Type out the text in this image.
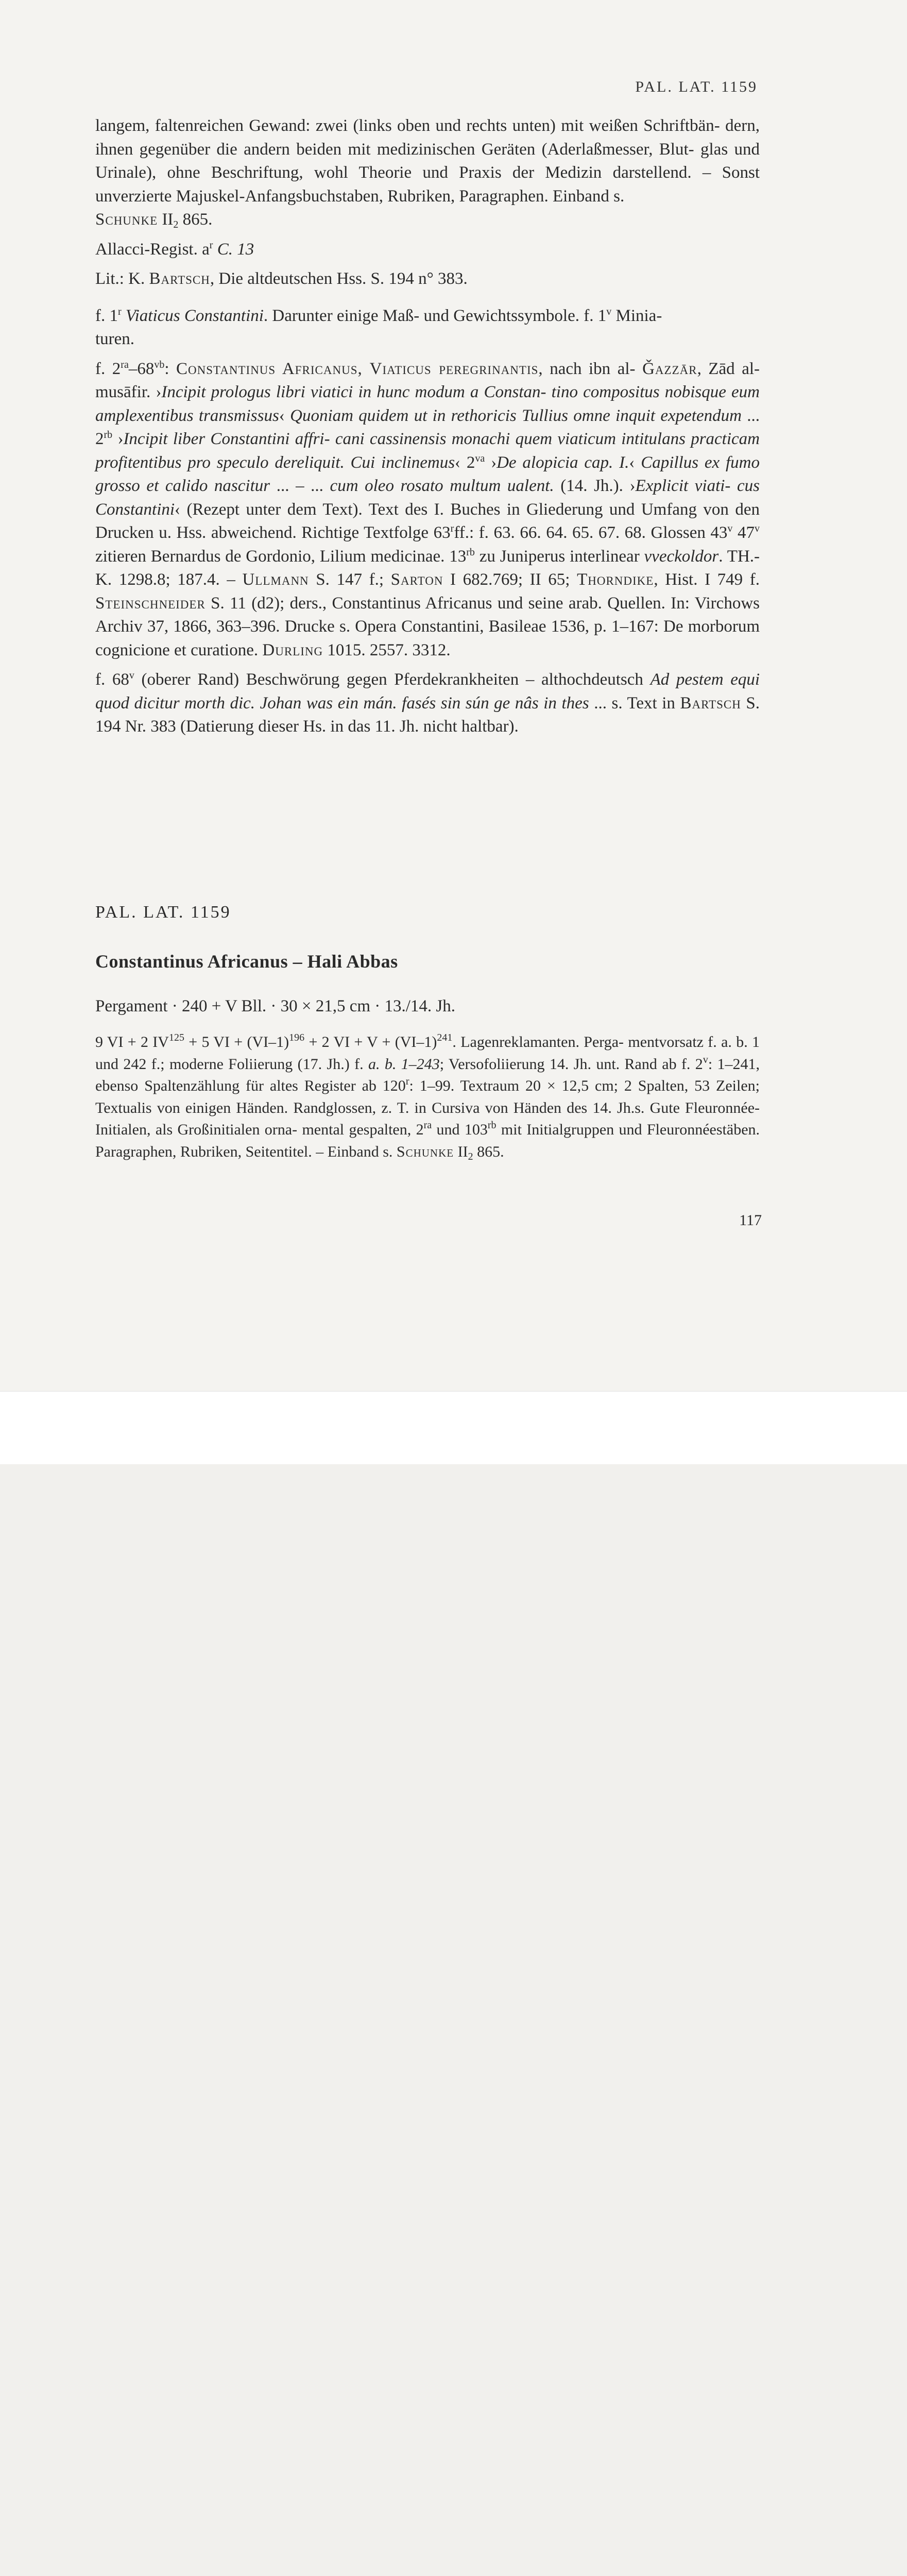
PAL. LAT. 1159

langem, faltenreichen Gewand: zwei (links oben und rechts unten) mit weißen Schriftbän- dern, ihnen gegenüber die andern beiden mit medizinischen Geräten (Aderlaßmesser, Blut- glas und Urinale), ohne Beschriftung, wohl Theorie und Praxis der Medizin darstellend. – Sonst unverzierte Majuskel-Anfangsbuchstaben, Rubriken, Paragraphen. Einband s.
Schunke $II_2$ 865.

Allacci-Regist. $a^r$ C. 13

Lit.: K. Bartsch, Die altdeutschen Hss. S. 194 n° 383.

f. 1$^r$ Viaticus Constantini. Darunter einige Maß- und Gewichtssymbole. f. 1$^v$ Minia-
turen.

f. $2^{ra}-68^{vb}$: Constantinus Africanus, Viaticus peregrinantis, nach ibn al- Ǧazzār, Zād al-musāfir. ›Incipit prologus libri viatici in hunc modum a Constan- tino compositus nobisque eum amplexentibus transmissus‹ Quoniam quidem ut in rethoricis Tullius omne inquit expetendum ... $2^{rb}$ ›Incipit liber Constantini affri- cani cassinensis monachi quem viaticum intitulans practicam profitentibus pro speculo dereliquit. Cui inclinemus‹ $2^{va}$ ›De alopicia cap. I.‹ Capillus ex fumo grosso et calido nascitur ... – ... cum oleo rosato multum ualent. (14. Jh.). ›Explicit viati- cus Constantini‹ (Rezept unter dem Text). Text des I. Buches in Gliederung und Umfang von den Drucken u. Hss. abweichend. Richtige Textfolge 63$^r$ff.: f. 63. 66. 64. 65. 67. 68. Glossen 43$^v$ 47$^v$ zitieren Bernardus de Gordonio, Lilium medicinae. $13^{rb}$ zu Juniperus interlinear vveckoldor. TH.-K. 1298.8; 187.4. – Ullmann S. 147 f.; Sarton I 682.769; II 65; Thorndike, Hist. I 749 f. Steinschneider S. 11 (d2); ders., Constantinus Africanus und seine arab. Quellen. In: Virchows Archiv 37, 1866, 363–396. Drucke s. Opera Constantini, Basileae 1536, p. 1–167: De morborum cognicione et curatione. Durling 1015. 2557. 3312.

f. 68$^v$ (oberer Rand) Beschwörung gegen Pferdekrankheiten – althochdeutsch Ad pestem equi quod dicitur morth dic. Johan was ein mán. fasés sin sún ge nâs in thes ... s. Text in Bartsch S. 194 Nr. 383 (Datierung dieser Hs. in das 11. Jh. nicht haltbar).

PAL. LAT. 1159
Constantinus Africanus – Hali Abbas
Pergament · 240 + V Bll. · 30 × 21,5 cm · 13./14. Jh.

9 VI + 2 $IV^{125} + 5$ VI + $(VI-1)^{196} + 2$ VI + $V + (VI-1)^{241}$. Lagenreklamanten. Perga- mentvorsatz f. a. b. 1 und 242 f.; moderne Foliierung (17. Jh.) f. a. b. 1–243; Versofoliierung 14. Jh. unt. Rand ab f. 2$^v$: 1–241, ebenso Spaltenzählung für altes Register ab 120$^r$: 1–99. Textraum 20 × 12,5 cm; 2 Spalten, 53 Zeilen; Textualis von einigen Händen. Randglossen, z. T. in Cursiva von Händen des 14. Jh.s. Gute Fleuronnée-Initialen, als Großinitialen orna- mental gespalten, $2^{ra}$ und $103^{rb}$ mit Initialgruppen und Fleuronnéestäben. Paragraphen, Rubriken, Seitentitel. – Einband s. Schunke $II_2$ 865.

117
